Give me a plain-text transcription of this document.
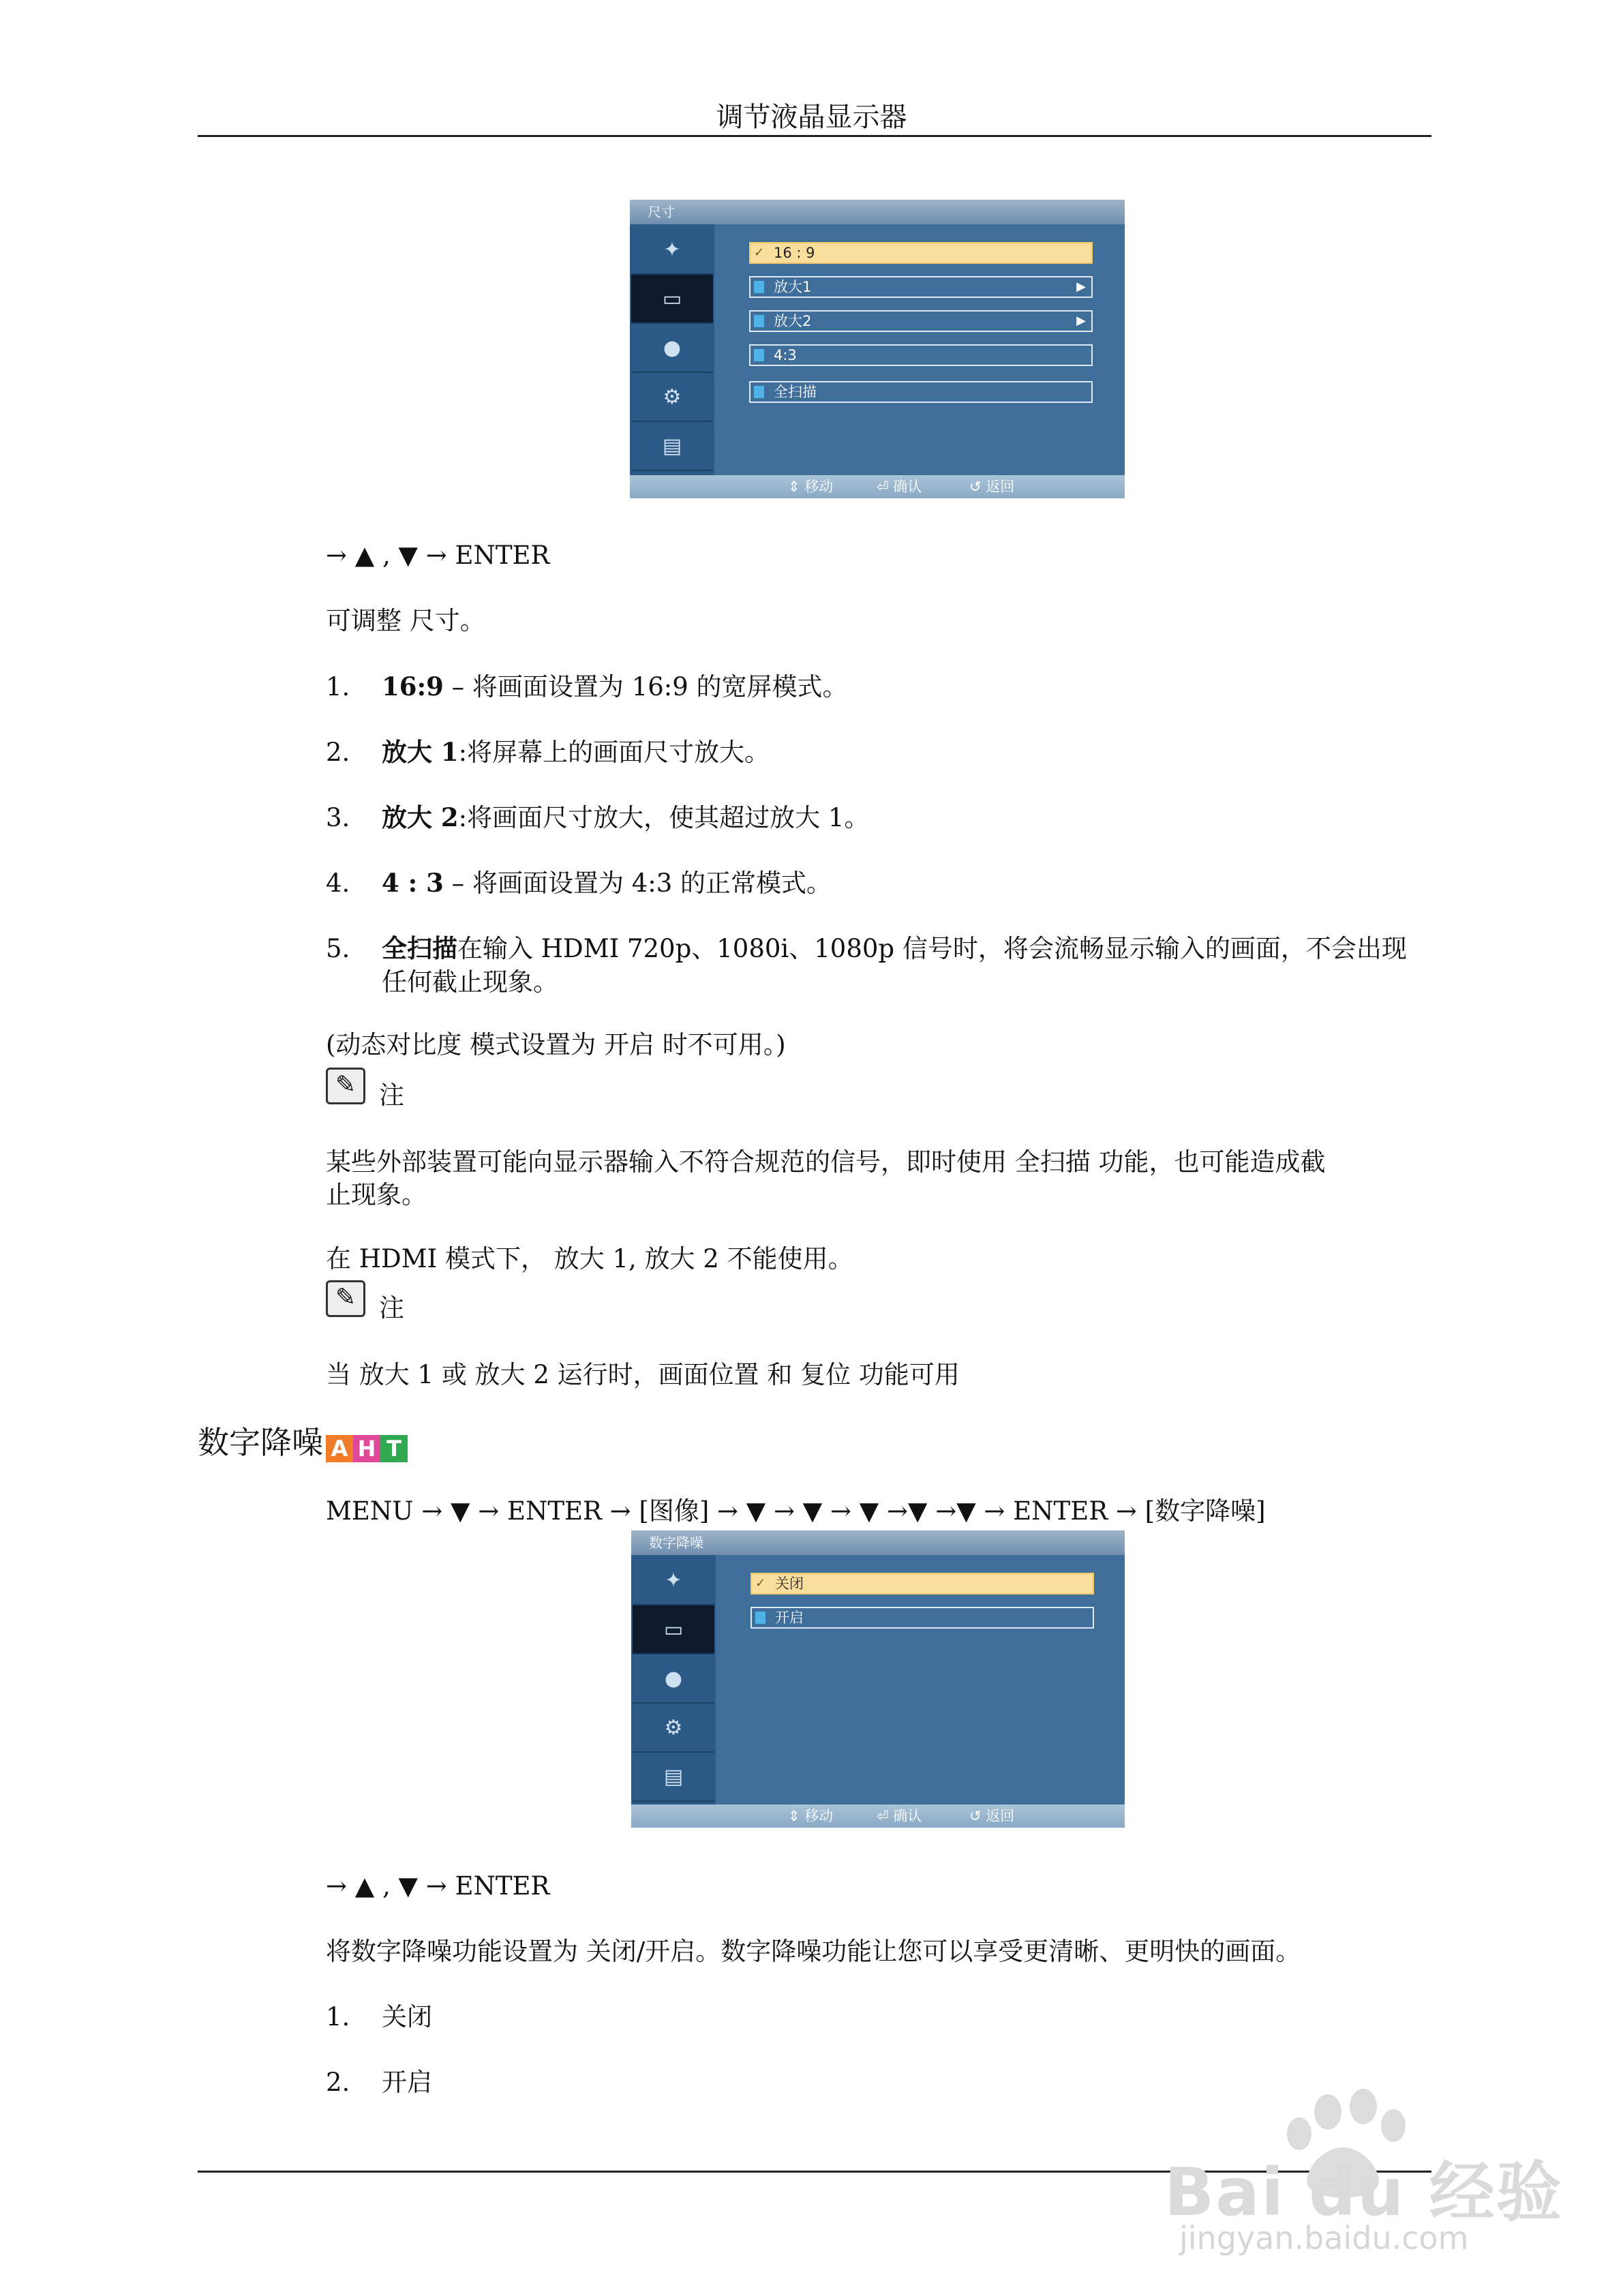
调节液晶显示器
尺寸
✦
▭
●
⚙
▤
✓ 16 : 9
放大1	▶
放大2	▶
4:3
全扫描
⇕ 移动	⏎ 确认	↺ 返回
→ ▲ , ▼ → ENTER
可调整 尺寸。
1. 16:9 – 将画面设置为 16:9 的宽屏模式。
2. 放大 1:将屏幕上的画面尺寸放大。
3. 放大 2:将画面尺寸放大，使其超过放大 1。
4. 4 : 3 – 将画面设置为 4:3 的正常模式。
5. 全扫描在输入 HDMI 720p、1080i、1080p 信号时，将会流畅显示输入的画面，不会出现
任何截止现象。
(动态对比度 模式设置为 开启 时不可用。)
✎ 注
某些外部装置可能向显示器输入不符合规范的信号，即时使用 全扫描 功能，也可能造成截
止现象。
在 HDMI 模式下， 放大 1, 放大 2 不能使用。
✎ 注
当 放大 1 或 放大 2 运行时，画面位置 和 复位 功能可用
数字降噪 A H T
MENU → ▼ → ENTER → [图像] → ▼ → ▼ → ▼ →▼ →▼ → ENTER → [数字降噪]
数字降噪
✦
▭
●
⚙
▤
✓ 关闭
开启
⇕ 移动	⏎ 确认	↺ 返回
→ ▲ , ▼ → ENTER
将数字降噪功能设置为 关闭/开启。数字降噪功能让您可以享受更清晰、更明快的画面。
1. 关闭
2. 开启
Bai du 经验
jingyan.baidu.com
